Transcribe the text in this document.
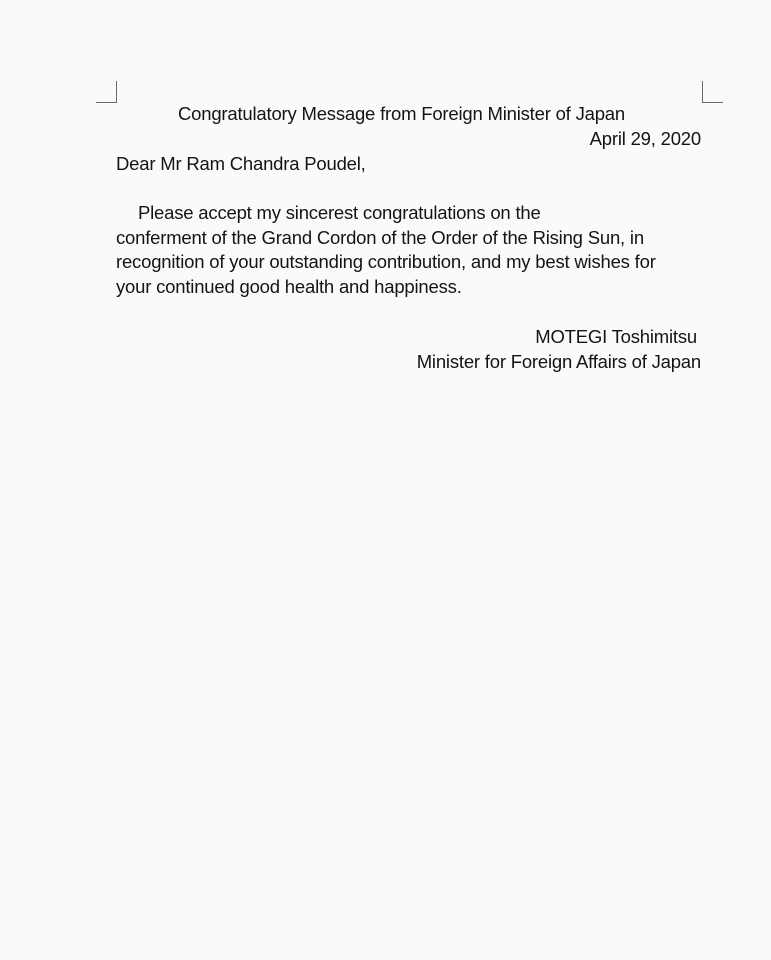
Congratulatory Message from Foreign Minister of Japan
April 29, 2020
Dear Mr Ram Chandra Poudel,
Please accept my sincerest congratulations on the
conferment of the Grand Cordon of the Order of the Rising Sun, in
recognition of your outstanding contribution, and my best wishes for
your continued good health and happiness.
MOTEGI Toshimitsu
Minister for Foreign Affairs of Japan
